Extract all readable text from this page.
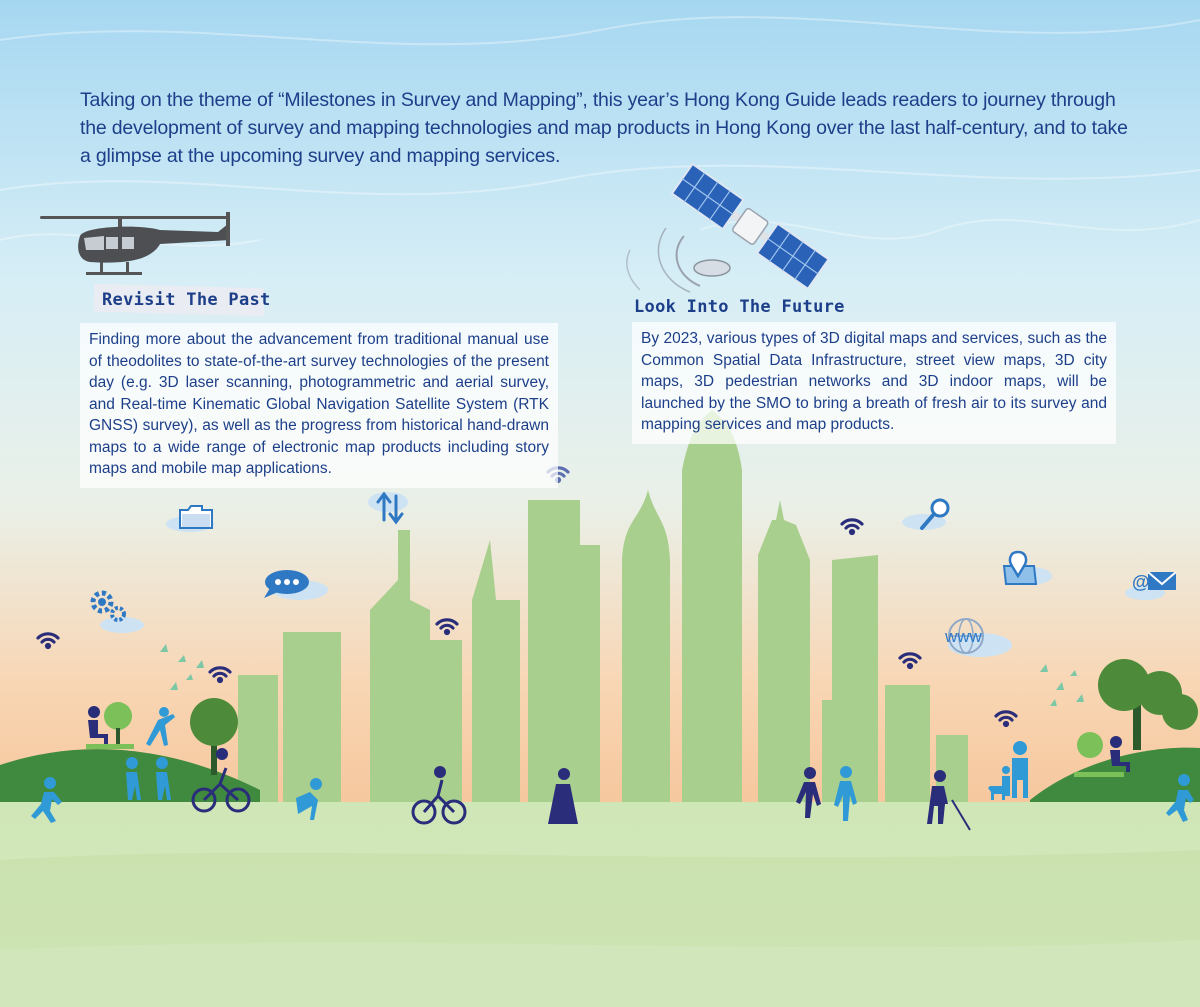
@
www

Taking on the theme of “Milestones in Survey and Mapping”, this year’s Hong Kong Guide leads readers to journey through the development of survey and mapping technologies and map products in Hong Kong over the last half-century, and to take a glimpse at the upcoming survey and mapping services.

Revisit The Past
Finding more about the advancement from traditional manual use of theodolites to state-of-the-art survey technologies of the present day (e.g. 3D laser scanning, photogrammetric and aerial survey, and Real-time Kinematic Global Navigation Satellite System (RTK GNSS) survey), as well as the progress from historical hand-drawn maps to a wide range of electronic map products including story maps and mobile map applications.
Look Into The Future
By 2023, various types of 3D digital maps and services, such as the Common Spatial Data Infrastructure, street view maps, 3D city maps, 3D pedestrian networks and 3D indoor maps, will be launched by the SMO to bring a breath of fresh air to its survey and mapping services and map products.
